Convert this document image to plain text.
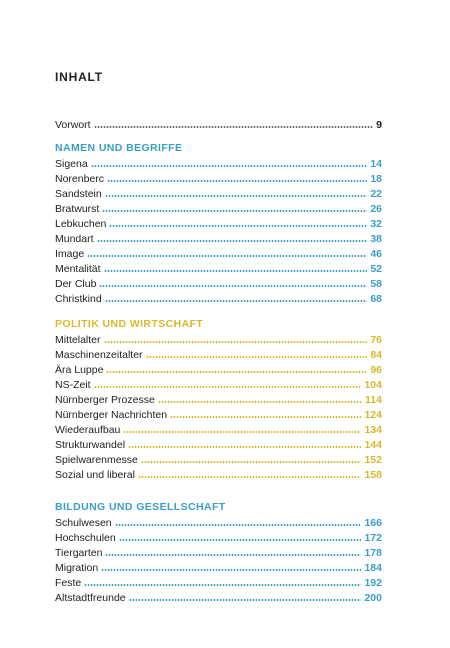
INHALT
Vorwort	9
NAMEN UND BEGRIFFE
Sigena	14
Norenberc	18
Sandstein	22
Bratwurst	26
Lebkuchen	32
Mundart	38
Image	46
Mentalität	52
Der Club	58
Christkind	68
POLITIK UND WIRTSCHAFT
Mittelalter	76
Maschinenzeitalter	84
Ära Luppe	96
NS-Zeit	104
Nürnberger Prozesse	114
Nürnberger Nachrichten	124
Wiederaufbau	134
Strukturwandel	144
Spielwarenmesse	152
Sozial und liberal	158
BILDUNG UND GESELLSCHAFT
Schulwesen	166
Hochschulen	172
Tiergarten	178
Migration	184
Feste	192
Altstadtfreunde	200
